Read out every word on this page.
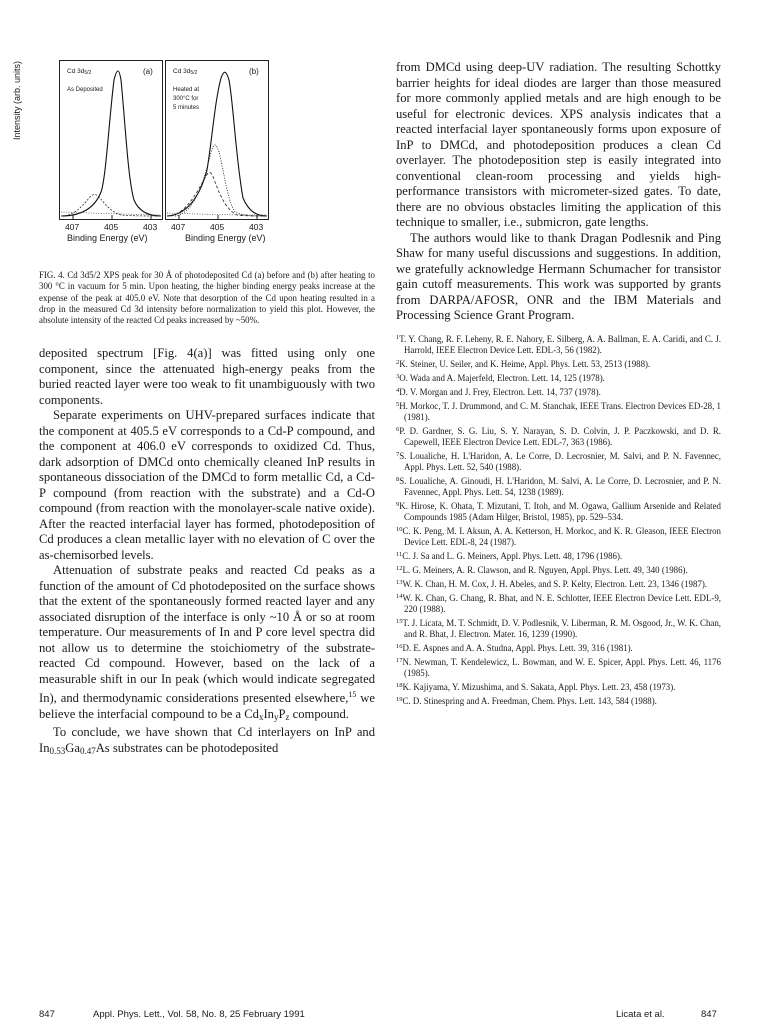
Intensity (arb. units)	Cd $3d_{5/2}$
As Deposited
(a)	Cd $3d_{5/2}$
Heated at
300°C for
5 minutes
(b)
407	405	403 407	405	403
Binding Energy (eV)	Binding Energy (eV)
FIG. 4. Cd 3d5/2 XPS peak for 30 Å of photodeposited Cd (a) before and (b) after heating to 300 °C in vacuum for 5 min. Upon heating, the higher binding energy peaks increase at the expense of the peak at 405.0 eV. Note that desorption of the Cd upon heating resulted in a drop in the measured Cd 3d intensity before normalization to yield this plot. However, the absolute intensity of the reacted Cd peaks increased by ~50%.

deposited spectrum [Fig. 4(a)] was fitted using only one component, since the attenuated high-energy peaks from the buried reacted layer were too weak to fit unambiguously with two components.

Separate experiments on UHV-prepared surfaces indicate that the component at 405.5 eV corresponds to a Cd-P compound, and the component at 406.0 eV corresponds to oxidized Cd. Thus, dark adsorption of DMCd onto chemically cleaned InP results in spontaneous dissociation of the DMCd to form metallic Cd, a Cd-P compound (from reaction with the substrate) and a Cd-O compound (from reaction with the monolayer-scale native oxide). After the reacted interfacial layer has formed, photodeposition of Cd produces a clean metallic layer with no elevation of C over the as-chemisorbed levels.

Attenuation of substrate peaks and reacted Cd peaks as a function of the amount of Cd photodeposited on the surface shows that the extent of the spontaneously formed reacted layer and any associated disruption of the interface is only ~10 Å or so at room temperature. Our measurements of In and P core level spectra did not allow us to determine the stoichiometry of the substrate-reacted Cd compound. However, based on the lack of a measurable shift in our In peak (which would indicate segregated In), and thermodynamic considerations presented elsewhere,$^{15}$ we believe the interfacial compound to be a $Cd_xIn_yP_z$ compound.

To conclude, we have shown that Cd interlayers on InP and $In_{0.53}Ga_{0.47}As$ substrates can be photodeposited

from DMCd using deep-UV radiation. The resulting Schottky barrier heights for ideal diodes are larger than those measured for more commonly applied metals and are high enough to be useful for electronic devices. XPS analysis indicates that a reacted interfacial layer spontaneously forms upon exposure of InP to DMCd, and photodeposition produces a clean Cd overlayer. The photodeposition step is easily integrated into conventional clean-room processing and yields high-performance transistors with micrometer-sized gates. To date, there are no obvious obstacles limiting the application of this technique to smaller, i.e., submicron, gate lengths.

The authors would like to thank Dragan Podlesnik and Ping Shaw for many useful discussions and suggestions. In addition, we gratefully acknowledge Hermann Schumacher for transistor gain cutoff measurements. This work was supported by grants from DARPA/AFOSR, ONR and the IBM Materials and Processing Science Grant Program.

$^1$T. Y. Chang, R. F. Leheny, R. E. Nahory, E. Silberg, A. A. Ballman, E. A. Caridi, and C. J. Harrold, IEEE Electron Device Lett. EDL-3, 56 (1982).
$^2$K. Steiner, U. Seiler, and K. Heime, Appl. Phys. Lett. 53, 2513 (1988).
$^3$O. Wada and A. Majerfeld, Electron. Lett. 14, 125 (1978).
$^4$D. V. Morgan and J. Frey, Electron. Lett. 14, 737 (1978).
$^5$H. Morkoc, T. J. Drummond, and C. M. Stanchak, IEEE Trans. Electron Devices ED-28, 1 (1981).
$^6$P. D. Gardner, S. G. Liu, S. Y. Narayan, S. D. Colvin, J. P. Paczkowski, and D. R. Capewell, IEEE Electron Device Lett. EDL-7, 363 (1986).
$^7$S. Loualiche, H. L'Haridon, A. Le Corre, D. Lecrosnier, M. Salvi, and P. N. Favennec, Appl. Phys. Lett. 52, 540 (1988).
$^8$S. Loualiche, A. Ginoudi, H. L'Haridon, M. Salvi, A. Le Corre, D. Lecrosnier, and P. N. Favennec, Appl. Phys. Lett. 54, 1238 (1989).
$^9$K. Hirose, K. Ohata, T. Mizutani, T. Itoh, and M. Ogawa, Gallium Arsenide and Related Compounds 1985 (Adam Hilger, Bristol, 1985), pp. 529–534.
$^{10}$C. K. Peng, M. I. Aksun, A. A. Ketterson, H. Morkoc, and K. R. Gleason, IEEE Electron Device Lett. EDL-8, 24 (1987).
$^{11}$C. J. Sa and L. G. Meiners, Appl. Phys. Lett. 48, 1796 (1986).
$^{12}$L. G. Meiners, A. R. Clawson, and R. Nguyen, Appl. Phys. Lett. 49, 340 (1986).
$^{13}$W. K. Chan, H. M. Cox, J. H. Abeles, and S. P. Kelty, Electron. Lett. 23, 1346 (1987).
$^{14}$W. K. Chan, G. Chang, R. Bhat, and N. E. Schlotter, IEEE Electron Device Lett. EDL-9, 220 (1988).
$^{15}$T. J. Licata, M. T. Schmidt, D. V. Podlesnik, V. Liberman, R. M. Osgood, Jr., W. K. Chan, and R. Bhat, J. Electron. Mater. 16, 1239 (1990).
$^{16}$D. E. Aspnes and A. A. Studna, Appl. Phys. Lett. 39, 316 (1981).
$^{17}$N. Newman, T. Kendelewicz, L. Bowman, and W. E. Spicer, Appl. Phys. Lett. 46, 1176 (1985).
$^{18}$K. Kajiyama, Y. Mizushima, and S. Sakata, Appl. Phys. Lett. 23, 458 (1973).
$^{19}$C. D. Stinespring and A. Freedman, Chem. Phys. Lett. 143, 584 (1988).
847	Appl. Phys. Lett., Vol. 58, No. 8, 25 February 1991	Licata et al.	847
